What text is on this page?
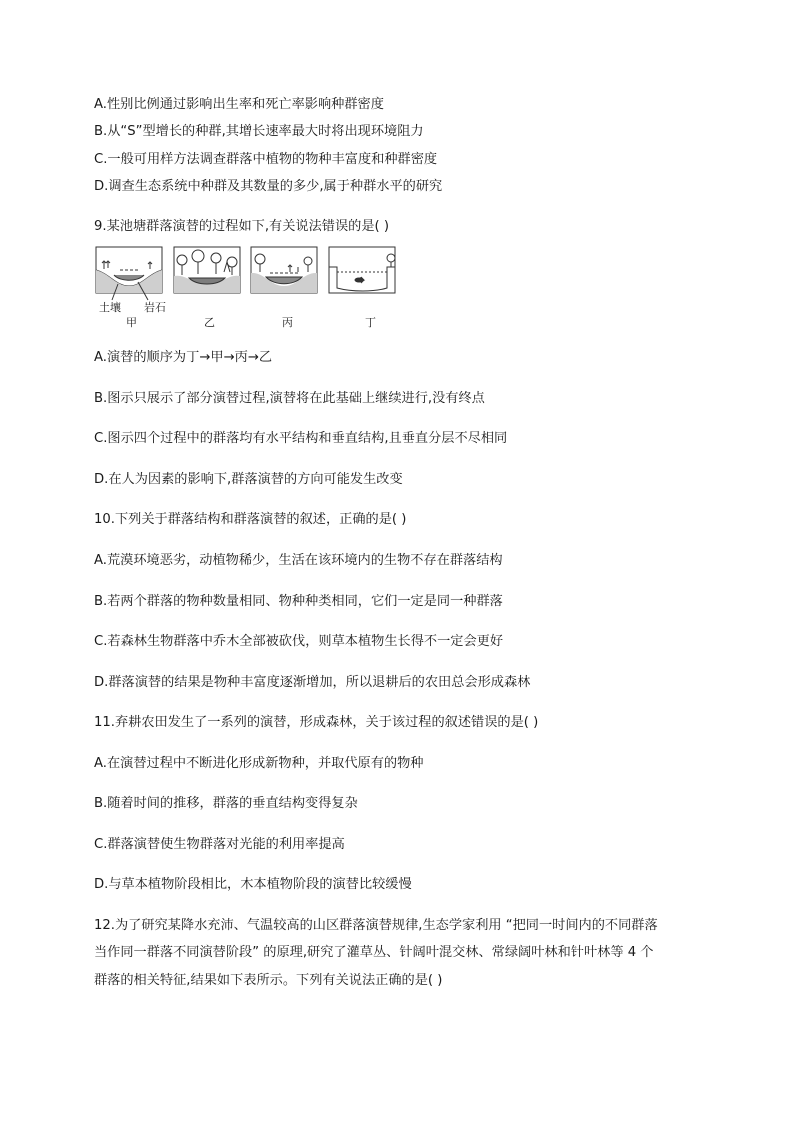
A.性别比例通过影响出生率和死亡率影响种群密度
B.从“S”型增长的种群,其增长速率最大时将出现环境阻力
C.一般可用样方法调查群落中植物的物种丰富度和种群密度
D.调查生态系统中种群及其数量的多少,属于种群水平的研究
9.某池塘群落演替的过程如下,有关说法错误的是( )
土壤 岩石
甲	乙	丙	丁
A.演替的顺序为丁→甲→丙→乙
B.图示只展示了部分演替过程,演替将在此基础上继续进行,没有终点
C.图示四个过程中的群落均有水平结构和垂直结构,且垂直分层不尽相同
D.在人为因素的影响下,群落演替的方向可能发生改变
10.下列关于群落结构和群落演替的叙述，正确的是( )
A.荒漠环境恶劣，动植物稀少，生活在该环境内的生物不存在群落结构
B.若两个群落的物种数量相同、物种种类相同，它们一定是同一种群落
C.若森林生物群落中乔木全部被砍伐，则草本植物生长得不一定会更好
D.群落演替的结果是物种丰富度逐渐增加，所以退耕后的农田总会形成森林
11.弃耕农田发生了一系列的演替，形成森林，关于该过程的叙述错误的是( )
A.在演替过程中不断进化形成新物种，并取代原有的物种
B.随着时间的推移，群落的垂直结构变得复杂
C.群落演替使生物群落对光能的利用率提高
D.与草本植物阶段相比，木本植物阶段的演替比较缓慢
12.为了研究某降水充沛、气温较高的山区群落演替规律,生态学家利用 “把同一时间内的不同群落
当作同一群落不同演替阶段” 的原理,研究了灌草丛、针阔叶混交林、常绿阔叶林和针叶林等 4 个
群落的相关特征,结果如下表所示。下列有关说法正确的是( )
